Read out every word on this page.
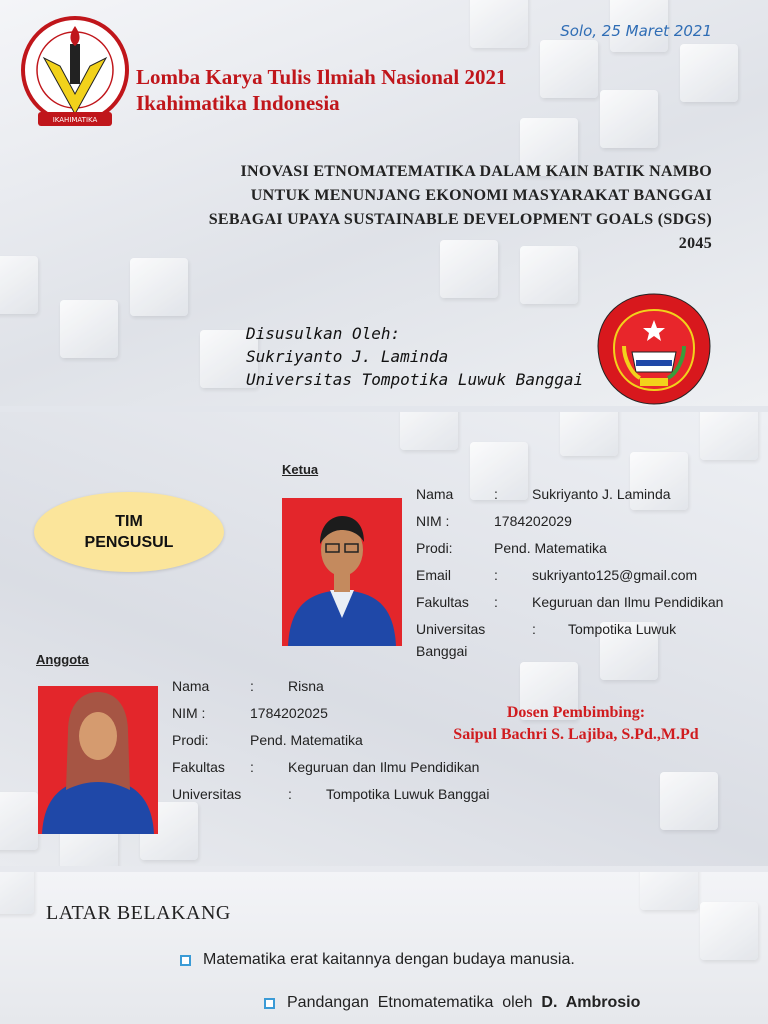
IKAHIMATIKA
Solo, 25 Maret 2021
Lomba Karya Tulis Ilmiah Nasional 2021
Ikahimatika Indonesia
INOVASI ETNOMATEMATIKA DALAM KAIN BATIK NAMBO
UNTUK MENUNJANG EKONOMI MASYARAKAT BANGGAI
SEBAGAI UPAYA SUSTAINABLE DEVELOPMENT GOALS (SDGS)
2045
Disusulkan Oleh:
Sukriyanto J. Laminda
Universitas Tompotika Luwuk Banggai
TIM
PENGUSUL
Ketua
Nama	: Sukriyanto J. Laminda
NIM :	1784202029
Prodi:	Pend. Matematika
Email	: sukriyanto125@gmail.com
Fakultas : Keguruan dan Ilmu Pendidikan
Universitas	: Tompotika Luwuk
Banggai
Anggota
Nama	: Risna
NIM :	1784202025
Prodi:	Pend. Matematika
Fakultas : Keguruan dan Ilmu Pendidikan
Universitas	: Tompotika Luwuk Banggai
Dosen Pembimbing:
Saipul Bachri S. Lajiba, S.Pd.,M.Pd
LATAR BELAKANG
Matematika erat kaitannya dengan budaya manusia.
Pandangan  Etnomatematika  oleh D.  Ambrosio
